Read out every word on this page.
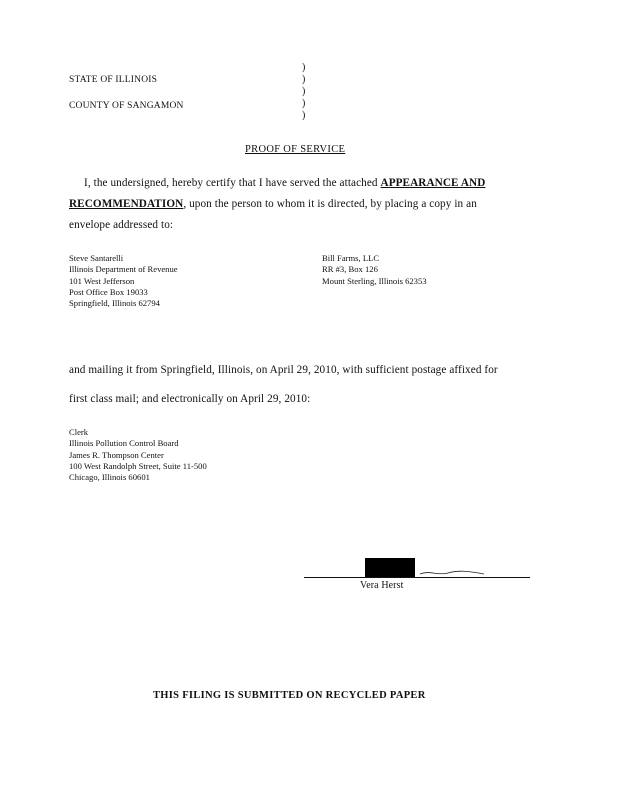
STATE OF ILLINOIS
COUNTY OF SANGAMON
)
)
)
)
)
PROOF OF SERVICE
I, the undersigned, hereby certify that I have served the attached APPEARANCE AND
RECOMMENDATION, upon the person to whom it is directed, by placing a copy in an
envelope addressed to:
Steve Santarelli
Illinois Department of Revenue
101 West Jefferson
Post Office Box 19033
Springfield, Illinois 62794
Bill Farms, LLC
RR #3, Box 126
Mount Sterling, Illinois 62353
and mailing it from Springfield, Illinois, on April 29, 2010, with sufficient postage affixed for
first class mail; and electronically on April 29, 2010:
Clerk
Illinois Pollution Control Board
James R. Thompson Center
100 West Randolph Street, Suite 11-500
Chicago, Illinois 60601
Vera Herst
THIS FILING IS SUBMITTED ON RECYCLED PAPER
